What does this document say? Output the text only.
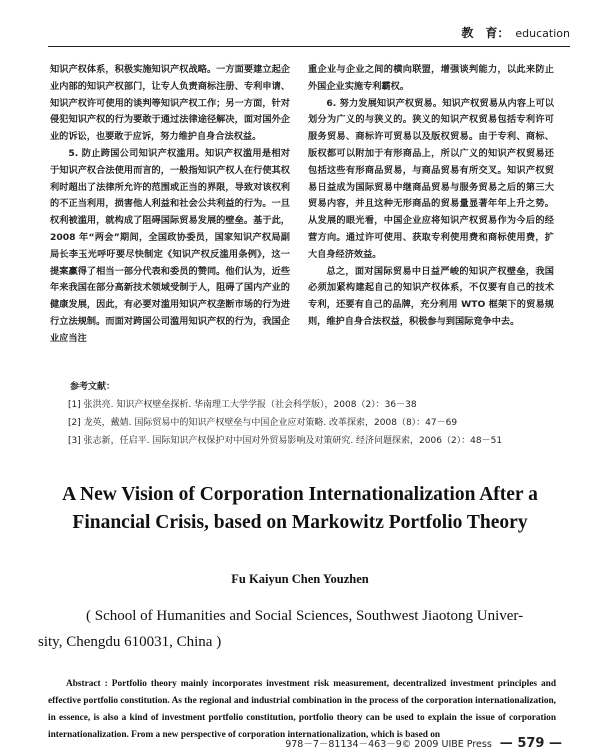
教　育： education

知识产权体系，积极实施知识产权战略。一方面要建立起企业内部的知识产权部门，让专人负责商标注册、专利申请、知识产权许可使用的谈判等知识产权工作；另一方面，针对侵犯知识产权的行为要敢于通过法律途径解决，面对国外企业的诉讼，也要敢于应诉，努力维护自身合法权益。

5. 防止跨国公司知识产权滥用。知识产权滥用是相对于知识产权合法使用而言的，一般指知识产权人在行使其权利时超出了法律所允许的范围或正当的界限，导致对该权利的不正当利用，损害他人利益和社会公共利益的行为。一旦权利被滥用，就构成了阻碍国际贸易发展的壁垒。基于此，2008 年“两会”期间，全国政协委员，国家知识产权局副局长李玉光呼吁要尽快制定《知识产权反滥用条例》，这一提案赢得了相当一部分代表和委员的赞同。他们认为，近些年来我国在部分高新技术领域受制于人，阻碍了国内产业的健康发展，因此，有必要对滥用知识产权垄断市场的行为进行立法规制。而面对跨国公司滥用知识产权的行为，我国企业应当注

重企业与企业之间的横向联盟，增强谈判能力，以此来防止外国企业实施专利霸权。

6. 努力发展知识产权贸易。知识产权贸易从内容上可以划分为广义的与狭义的。狭义的知识产权贸易包括专利许可服务贸易、商标许可贸易以及版权贸易。由于专利、商标、版权都可以附加于有形商品上，所以广义的知识产权贸易还包括这些有形商品贸易，与商品贸易有所交叉。知识产权贸易日益成为国际贸易中继商品贸易与服务贸易之后的第三大贸易内容，并且这种无形商品的贸易量显著年年上升之势。从发展的眼光看，中国企业应将知识产权贸易作为今后的经营方向。通过许可使用、获取专利使用费和商标使用费，扩大自身经济效益。

总之，面对国际贸易中日益严峻的知识产权壁垒，我国必须加紧构建起自己的知识产权体系，不仅要有自己的技术专利，还要有自己的品牌，充分利用 WTO 框架下的贸易规则，维护自身合法权益，积极参与到国际竞争中去。

参考文献：
[1] 张洪亮. 知识产权壁垒探析. 华南理工大学学报（社会科学版），2008（2）：36－38
[2] 龙英，戴婧. 国际贸易中的知识产权壁垒与中国企业应对策略. 改革探索，2008（8）：47－69
[3] 张志新，任启平. 国际知识产权保护对中国对外贸易影响及对策研究. 经济问题探索，2006（2）：48－51
A New Vision of Corporation Internationalization After a
Financial Crisis, based on Markowitz Portfolio Theory
Fu Kaiyun Chen Youzhen
( School of Humanities and Social Sciences, Southwest Jiaotong Univer-
sity, Chengdu 610031, China )
Abstract : Portfolio theory mainly incorporates investment risk measurement, decentralized investment principles and effective portfolio constitution. As the regional and industrial combination in the process of the corporation internationalization, in essence, is also a kind of investment portfolio constitution, portfolio theory can be used to explain the issue of corporation internationalization. From a new perspective of corporation internationalization, which is based on
978－7－81134－463－9© 2009 UIBE Press — 579 —
